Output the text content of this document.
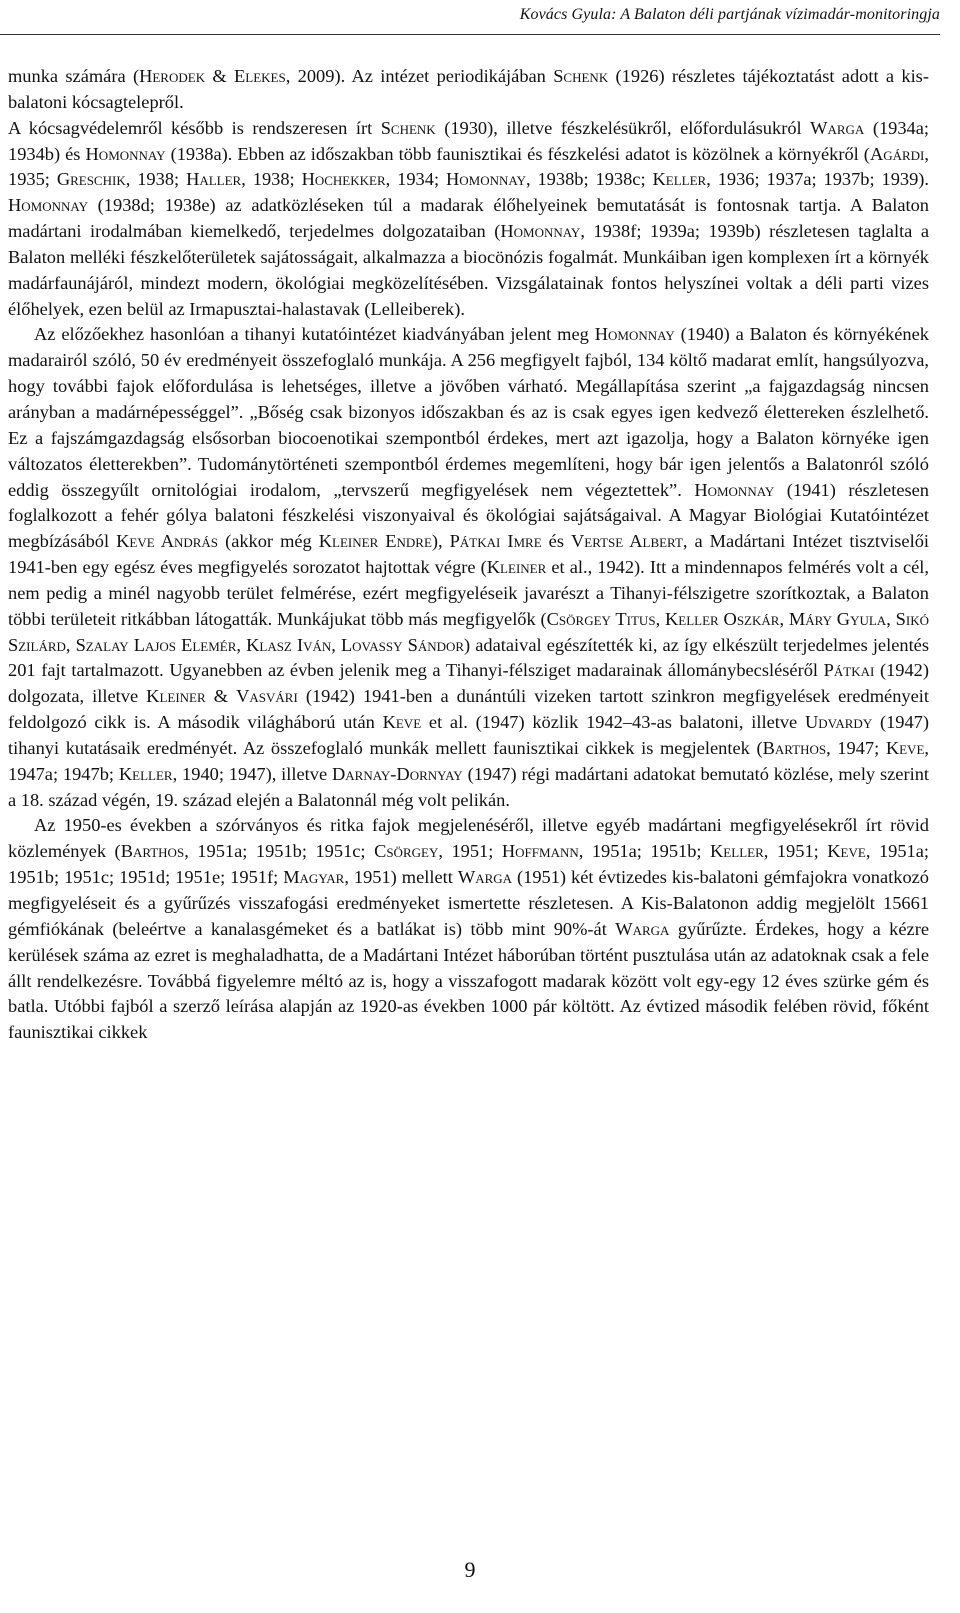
Kovács Gyula: A Balaton déli partjának vízimadár-monitoringja

munka számára (Herodek & Elekes, 2009). Az intézet periodikájában Schenk (1926) részletes tájékoztatást adott a kis-balatoni kócsagtelepről.

A kócsagvédelemről később is rendszeresen írt Schenk (1930), illetve fészkelésükről, előfordulásukról Warga (1934a; 1934b) és Homonnay (1938a). Ebben az időszakban több faunisztikai és fészkelési adatot is közölnek a környékről (Agárdi, 1935; Greschik, 1938; Haller, 1938; Hochekker, 1934; Homonnay, 1938b; 1938c; Keller, 1936; 1937a; 1937b; 1939). Homonnay (1938d; 1938e) az adatközléseken túl a madarak élőhelyeinek bemutatását is fontosnak tartja. A Balaton madártani irodalmában kiemelkedő, terjedelmes dolgozataiban (Homonnay, 1938f; 1939a; 1939b) részletesen taglalta a Balaton melléki fészkelőterületek sajátosságait, alkalmazza a biocönózis fogalmát. Munkáiban igen komplexen írt a környék madárfaunájáról, mindezt modern, ökológiai megközelítésében. Vizsgálatainak fontos helyszínei voltak a déli parti vizes élőhelyek, ezen belül az Irmapusztai-halastavak (Lelleiberek).

Az előzőekhez hasonlóan a tihanyi kutatóintézet kiadványában jelent meg Homonnay (1940) a Balaton és környékének madarairól szóló, 50 év eredményeit összefoglaló munkája. A 256 megfigyelt fajból, 134 költő madarat említ, hangsúlyozva, hogy további fajok előfordulása is lehetséges, illetve a jövőben várható. Megállapítása szerint „a fajgazdagság nincsen arányban a madárnépességgel”. „Bőség csak bizonyos időszakban és az is csak egyes igen kedvező élettereken észlelhető. Ez a fajszámgazdagság elsősorban biocoenotikai szempontból érdekes, mert azt igazolja, hogy a Balaton környéke igen változatos életterekben”. Tudománytörténeti szempontból érdemes megemlíteni, hogy bár igen jelentős a Balatonról szóló eddig összegyűlt ornitológiai irodalom, „tervszerű megfigyelések nem végeztettek”. Homonnay (1941) részletesen foglalkozott a fehér gólya balatoni fészkelési viszonyaival és ökológiai sajátságaival. A Magyar Biológiai Kutatóintézet megbízásából Keve András (akkor még Kleiner Endre), Pátkai Imre és Vertse Albert, a Madártani Intézet tisztviselői 1941-ben egy egész éves megfigyelés sorozatot hajtottak végre (Kleiner et al., 1942). Itt a mindennapos felmérés volt a cél, nem pedig a minél nagyobb terület felmérése, ezért megfigyeléseik javarészt a Tihanyi-félszigetre szorítkoztak, a Balaton többi területeit ritkábban látogatták. Munkájukat több más megfigyelők (Csörgey Titus, Keller Oszkár, Máry Gyula, Sikó Szilárd, Szalay Lajos Elemér, Klasz Iván, Lovassy Sándor) adataival egészítették ki, az így elkészült terjedelmes jelentés 201 fajt tartalmazott. Ugyanebben az évben jelenik meg a Tihanyi-félsziget madarainak állománybecsléséről Pátkai (1942) dolgozata, illetve Kleiner & Vasvári (1942) 1941-ben a dunántúli vizeken tartott szinkron megfigyelések eredményeit feldolgozó cikk is. A második világháború után Keve et al. (1947) közlik 1942–43-as balatoni, illetve Udvardy (1947) tihanyi kutatásaik eredményét. Az összefoglaló munkák mellett faunisztikai cikkek is megjelentek (Barthos, 1947; Keve, 1947a; 1947b; Keller, 1940; 1947), illetve Darnay-Dornyay (1947) régi madártani adatokat bemutató közlése, mely szerint a 18. század végén, 19. század elején a Balatonnál még volt pelikán.

Az 1950-es években a szórványos és ritka fajok megjelenéséről, illetve egyéb madártani megfigyelésekről írt rövid közlemények (Barthos, 1951a; 1951b; 1951c; Csörgey, 1951; Hoffmann, 1951a; 1951b; Keller, 1951; Keve, 1951a; 1951b; 1951c; 1951d; 1951e; 1951f; Magyar, 1951) mellett Warga (1951) két évtizedes kis-balatoni gémfajokra vonatkozó megfigyeléseit és a gyűrűzés visszafogási eredményeket ismertette részletesen. A Kis-Balatonon addig megjelölt 15661 gémfiókának (beleértve a kanalasgémeket és a batlákat is) több mint 90%-át Warga gyűrűzte. Érdekes, hogy a kézre kerülések száma az ezret is meghaladhatta, de a Madártani Intézet háborúban történt pusztulása után az adatoknak csak a fele állt rendelkezésre. Továbbá figyelemre méltó az is, hogy a visszafogott madarak között volt egy-egy 12 éves szürke gém és batla. Utóbbi fajból a szerző leírása alapján az 1920-as években 1000 pár költött. Az évtized második felében rövid, főként faunisztikai cikkek

9
